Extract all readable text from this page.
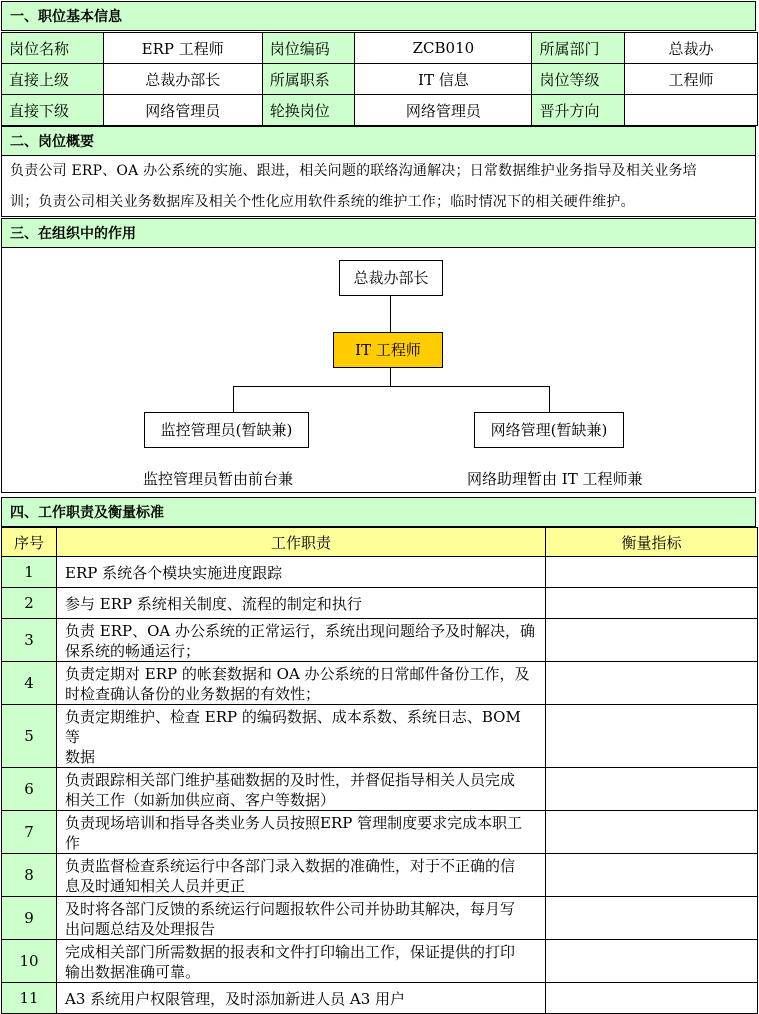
一、职位基本信息
岗位名称	ERP 工程师	岗位编码	ZCB010	所属部门	总裁办
直接上级	总裁办部长	所属职系	IT 信息	岗位等级	工程师
直接下级	网络管理员	轮换岗位	网络管理员	晋升方向	
二、岗位概要
负责公司 ERP、OA 办公系统的实施、跟进，相关问题的联络沟通解决；日常数据维护业务指导及相关业务培
训；负责公司相关业务数据库及相关个性化应用软件系统的维护工作；临时情况下的相关硬件维护。
三、在组织中的作用
总裁办部长
IT 工程师
监控管理员(暂缺兼)	网络管理(暂缺兼)
监控管理员暂由前台兼	网络助理暂由 IT 工程师兼
四、工作职责及衡量标准
序号	工作职责	衡量指标
1	ERP 系统各个模块实施进度跟踪	

2	参与 ERP 系统相关制度、流程的制定和执行	

3	负责 ERP、OA 办公系统的正常运行，系统出现问题给予及时解决，确
保系统的畅通运行；	

4	负责定期对 ERP 的帐套数据和 OA 办公系统的日常邮件备份工作，及
时检查确认备份的业务数据的有效性；	

5	负责定期维护、检查 ERP 的编码数据、成本系数、系统日志、BOM 等
数据	

6	负责跟踪相关部门维护基础数据的及时性，并督促指导相关人员完成
相关工作（如新加供应商、客户等数据）	

7	负责现场培训和指导各类业务人员按照ERP 管理制度要求完成本职工
作	

8	负责监督检查系统运行中各部门录入数据的准确性，对于不正确的信
息及时通知相关人员并更正	

9	及时将各部门反馈的系统运行问题报软件公司并协助其解决，每月写
出问题总结及处理报告	

10	完成相关部门所需数据的报表和文件打印输出工作，保证提供的打印
输出数据准确可靠。	

11	A3 系统用户权限管理，及时添加新进人员 A3 用户	
